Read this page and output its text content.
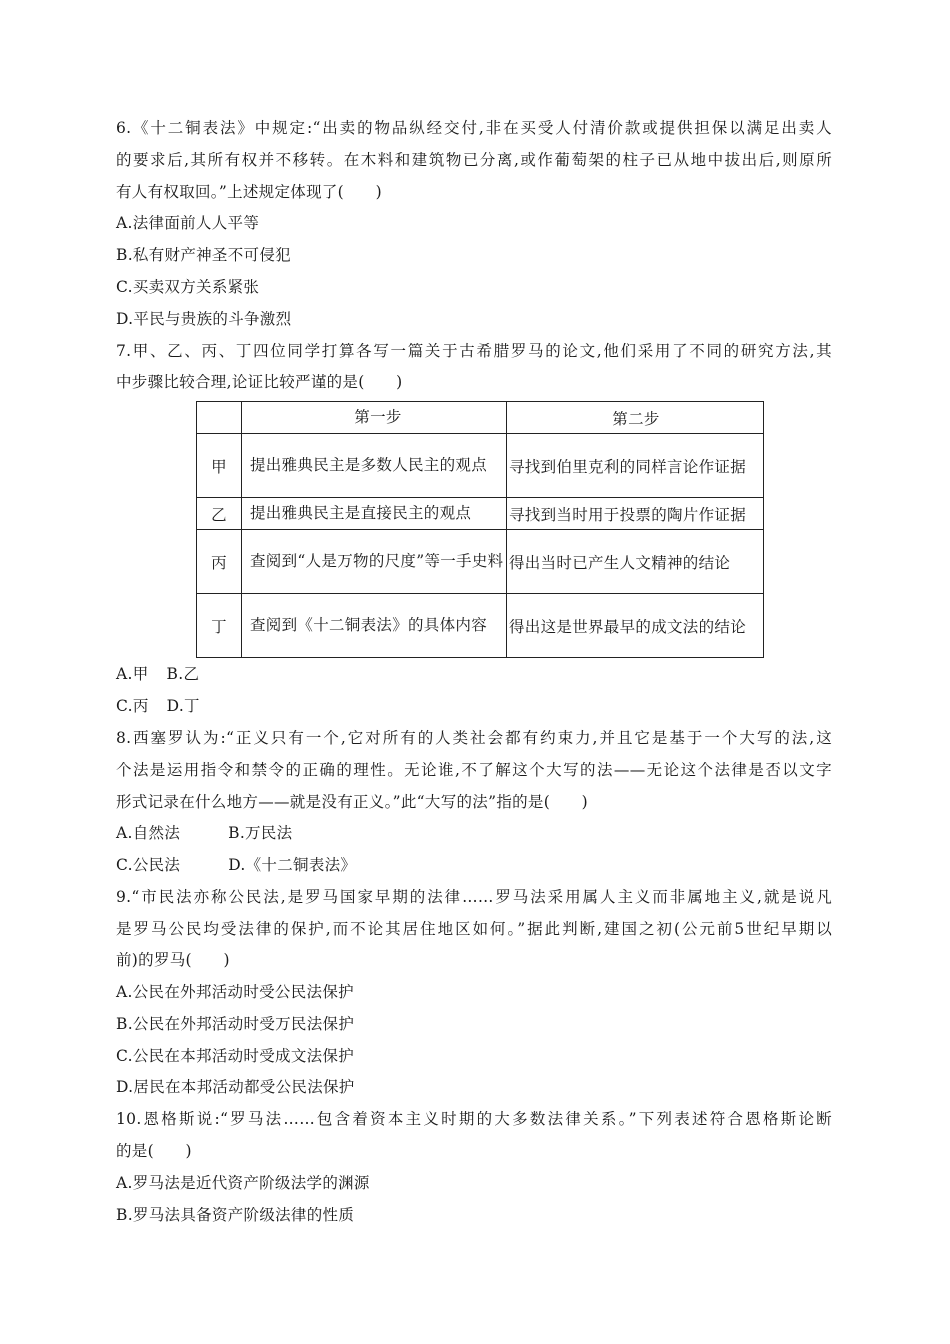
6.《十二铜表法》中规定:“出卖的物品纵经交付,非在买受人付清价款或提供担保以满足出卖人
的要求后,其所有权并不移转。在木料和建筑物已分离,或作葡萄架的柱子已从地中拔出后,则原所
有人有权取回。”上述规定体现了(　　)
A.法律面前人人平等
B.私有财产神圣不可侵犯
C.买卖双方关系紧张
D.平民与贵族的斗争激烈
7.甲、乙、丙、丁四位同学打算各写一篇关于古希腊罗马的论文,他们采用了不同的研究方法,其
中步骤比较合理,论证比较严谨的是(　　)
	第一步	第二步
甲	提出雅典民主是多数人民主的观点	寻找到伯里克利的同样言论作证据
乙	提出雅典民主是直接民主的观点	寻找到当时用于投票的陶片作证据
丙	查阅到“人是万物的尺度”等一手史料	得出当时已产生人文精神的结论
丁	查阅到《十二铜表法》的具体内容	得出这是世界最早的成文法的结论
A.甲 B.乙
C.丙 D.丁
8.西塞罗认为:“正义只有一个,它对所有的人类社会都有约束力,并且它是基于一个大写的法,这
个法是运用指令和禁令的正确的理性。无论谁,不了解这个大写的法——无论这个法律是否以文字
形式记录在什么地方——就是没有正义。”此“大写的法”指的是(　　)
A.自然法	B.万民法
C.公民法	D.《十二铜表法》
9.“市民法亦称公民法,是罗马国家早期的法律……罗马法采用属人主义而非属地主义,就是说凡
是罗马公民均受法律的保护,而不论其居住地区如何。”据此判断,建国之初(公元前5世纪早期以
前)的罗马(　　)
A.公民在外邦活动时受公民法保护
B.公民在外邦活动时受万民法保护
C.公民在本邦活动时受成文法保护
D.居民在本邦活动都受公民法保护
10.恩格斯说:“罗马法……包含着资本主义时期的大多数法律关系。”下列表述符合恩格斯论断
的是(　　)
A.罗马法是近代资产阶级法学的渊源
B.罗马法具备资产阶级法律的性质
